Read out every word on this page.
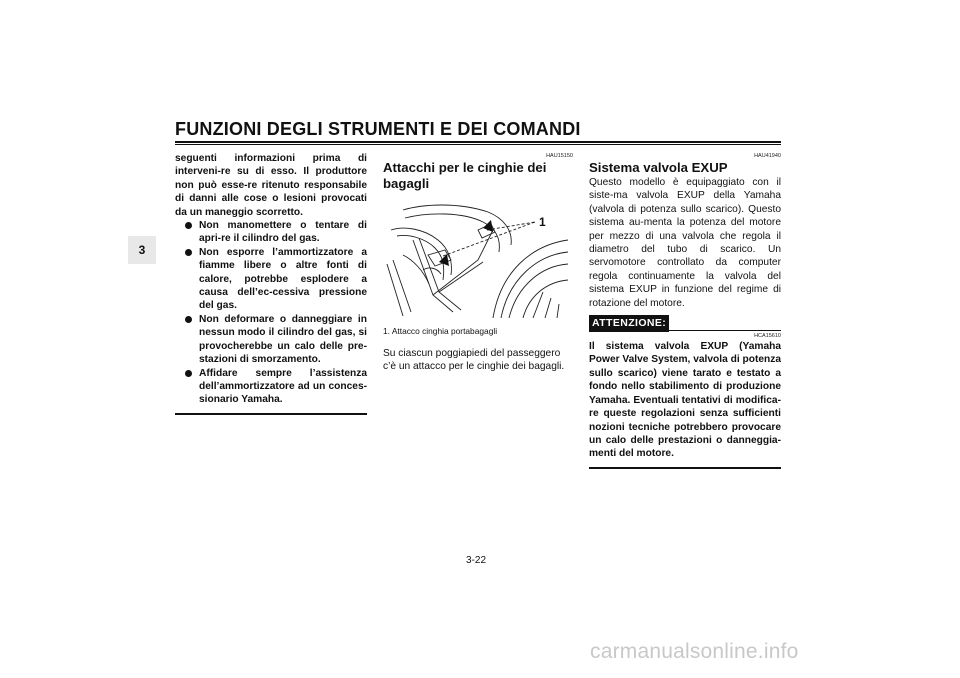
FUNZIONI DEGLI STRUMENTI E DEI COMANDI
3

seguenti informazioni prima di interveni-re su di esso. Il produttore non può esse-re ritenuto responsabile di danni alle cose o lesioni provocati da un maneggio scorretto.

Non manomettere o tentare di apri-re il cilindro del gas.
Non esporre l’ammortizzatore a fiamme libere o altre fonti di calore, potrebbe esplodere a causa dell’ec-cessiva pressione del gas.
Non deformare o danneggiare in nessun modo il cilindro del gas, si provocherebbe un calo delle pre-stazioni di smorzamento.
Affidare sempre l’assistenza dell’ammortizzatore ad un conces-sionario Yamaha.
HAU15150
Attacchi per le cinghie dei bagagli
1
1. Attacco cinghia portabagagli

Su ciascun poggiapiedi del passeggero c’è un attacco per le cinghie dei bagagli.

HAU41940
Sistema valvola EXUP

Questo modello è equipaggiato con il siste-ma valvola EXUP della Yamaha (valvola di potenza sullo scarico). Questo sistema au-menta la potenza del motore per mezzo di una valvola che regola il diametro del tubo di scarico. Un servomotore controllato da computer regola continuamente la valvola del sistema EXUP in funzione del regime di rotazione del motore.

ATTENZIONE:
HCA15610

Il sistema valvola EXUP (Yamaha Power Valve System, valvola di potenza sullo scarico) viene tarato e testato a fondo nello stabilimento di produzione Yamaha. Eventuali tentativi di modifica-re queste regolazioni senza sufficienti nozioni tecniche potrebbero provocare un calo delle prestazioni o danneggia-menti del motore.

3-22
carmanualsonline.info
